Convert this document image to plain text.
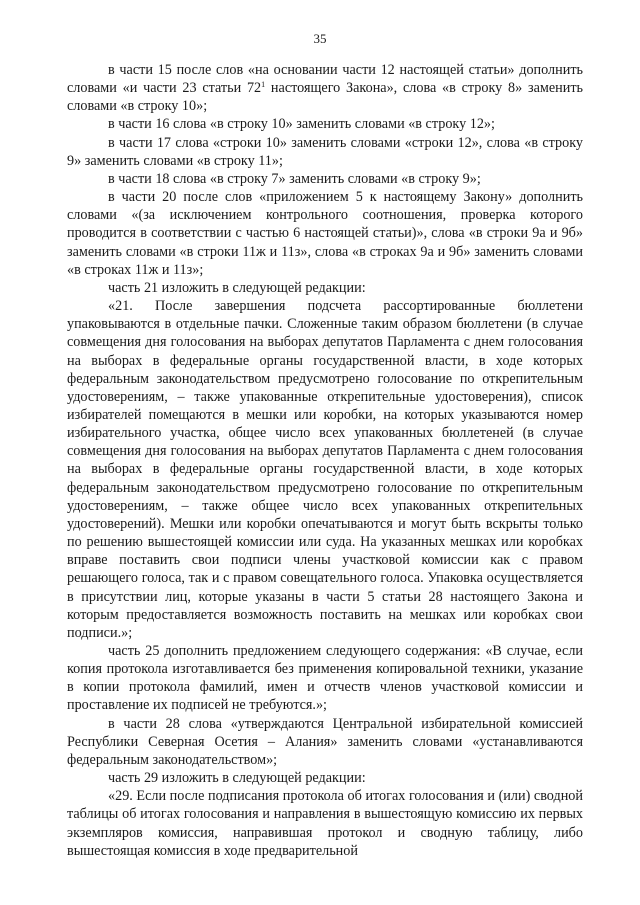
35

в части 15 после слов «на основании части 12 настоящей статьи» дополнить словами «и части 23 статьи $72^1$ настоящего Закона», слова «в строку 8» заменить словами «в строку 10»;

в части 16 слова «в строку 10» заменить словами «в строку 12»;

в части 17 слова «строки 10» заменить словами «строки 12», слова «в строку 9» заменить словами «в строку 11»;

в части 18 слова «в строку 7» заменить словами «в строку 9»;

в части 20 после слов «приложением 5 к настоящему Закону» дополнить словами «(за исключением контрольного соотношения, проверка которого проводится в соответствии с частью 6 настоящей статьи)», слова «в строки 9а и 9б» заменить словами «в строки 11ж и 11з», слова «в строках 9а и 9б» заменить словами «в строках 11ж и 11з»;

часть 21 изложить в следующей редакции:

«21. После завершения подсчета рассортированные бюллетени упаковываются в отдельные пачки. Сложенные таким образом бюллетени (в случае совмещения дня голосования на выборах депутатов Парламента с днем голосования на выборах в федеральные органы государственной власти, в ходе которых федеральным законодательством предусмотрено голосование по открепительным удостоверениям, – также упакованные открепительные удостоверения), список избирателей помещаются в мешки или коробки, на которых указываются номер избирательного участка, общее число всех упакованных бюллетеней (в случае совмещения дня голосования на выборах депутатов Парламента с днем голосования на выборах в федеральные органы государственной власти, в ходе которых федеральным законодательством предусмотрено голосование по открепительным удостоверениям, – также общее число всех упакованных открепительных удостоверений). Мешки или коробки опечатываются и могут быть вскрыты только по решению вышестоящей комиссии или суда. На указанных мешках или коробках вправе поставить свои подписи члены участковой комиссии как с правом решающего голоса, так и с правом совещательного голоса. Упаковка осуществляется в присутствии лиц, которые указаны в части 5 статьи 28 настоящего Закона и которым предоставляется возможность поставить на мешках или коробках свои подписи.»;

часть 25 дополнить предложением следующего содержания: «В случае, если копия протокола изготавливается без применения копировальной техники, указание в копии протокола фамилий, имен и отчеств членов участковой комиссии и проставление их подписей не требуются.»;

в части 28 слова «утверждаются Центральной избирательной комиссией Республики Северная Осетия – Алания» заменить словами «устанавливаются федеральным законодательством»;

часть 29 изложить в следующей редакции:

«29. Если после подписания протокола об итогах голосования и (или) сводной таблицы об итогах голосования и направления в вышестоящую комиссию их первых экземпляров комиссия, направившая протокол и сводную таблицу, либо вышестоящая комиссия в ходе предварительной
